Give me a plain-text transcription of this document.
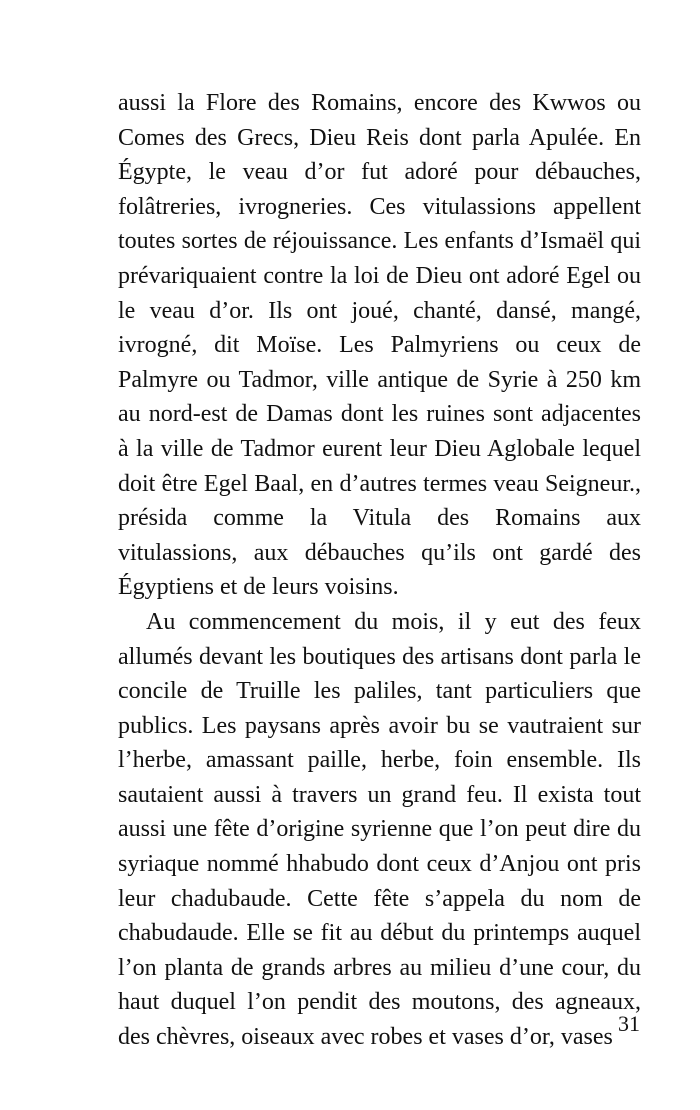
aussi la Flore des Romains, encore des Kwwos ou Comes des Grecs, Dieu Reis dont parla Apulée. En Égypte, le veau d’or fut adoré pour débauches, folâtreries, ivrogneries. Ces vitulassions appellent toutes sortes de réjouissance. Les enfants d’Ismaël qui prévariquaient contre la loi de Dieu ont adoré Egel ou le veau d’or. Ils ont joué, chanté, dansé, mangé, ivrogné, dit Moïse. Les Palmyriens ou ceux de Palmyre ou Tadmor, ville antique de Syrie à 250 km au nord-est de Damas dont les ruines sont adjacentes à la ville de Tadmor eurent leur Dieu Aglobale lequel doit être Egel Baal, en d’autres termes veau Seigneur., présida comme la Vitula des Romains aux vitulassions, aux débauches qu’ils ont gardé des Égyptiens et de leurs voisins.

Au commencement du mois, il y eut des feux allumés devant les boutiques des artisans dont parla le concile de Truille les paliles, tant particuliers que publics. Les paysans après avoir bu se vautraient sur l’herbe, amassant paille, herbe, foin ensemble. Ils sautaient aussi à travers un grand feu. Il exista tout aussi une fête d’origine syrienne que l’on peut dire du syriaque nommé hhabudo dont ceux d’Anjou ont pris leur chadubaude. Cette fête s’appela du nom de chabudaude. Elle se fit au début du printemps auquel l’on planta de grands arbres au milieu d’une cour, du haut duquel l’on pendit des moutons, des agneaux, des chèvres, oiseaux avec robes et vases d’or, vases

31
